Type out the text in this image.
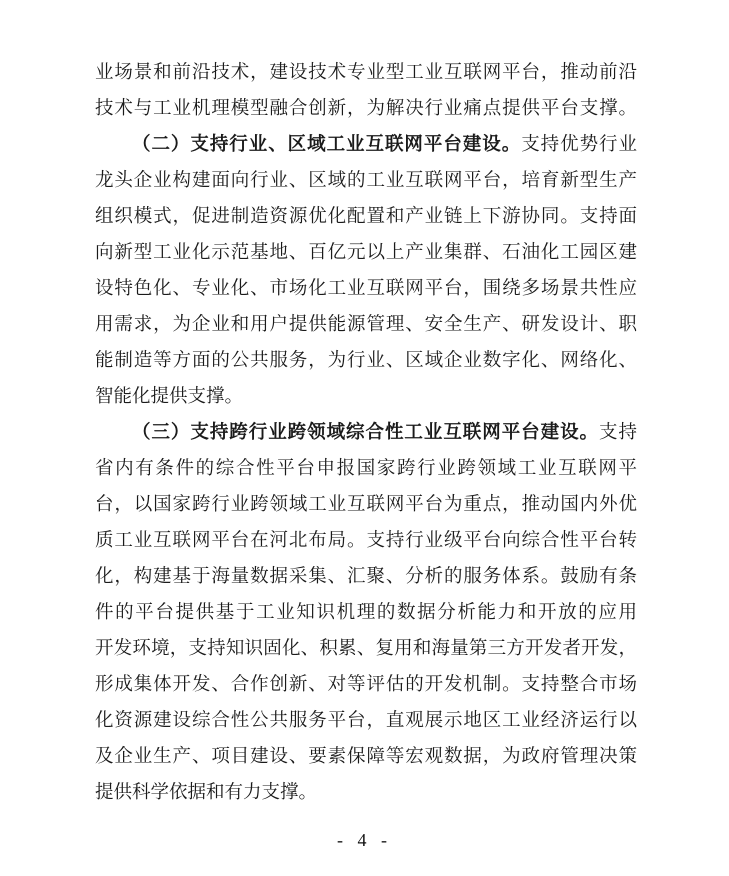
业场景和前沿技术，建设技术专业型工业互联网平台，推动前沿
技术与工业机理模型融合创新，为解决行业痛点提供平台支撑。
（二）支持行业、区域工业互联网平台建设。支持优势行业
龙头企业构建面向行业、区域的工业互联网平台，培育新型生产
组织模式，促进制造资源优化配置和产业链上下游协同。支持面
向新型工业化示范基地、百亿元以上产业集群、石油化工园区建
设特色化、专业化、市场化工业互联网平台，围绕多场景共性应
用需求，为企业和用户提供能源管理、安全生产、研发设计、职
能制造等方面的公共服务，为行业、区域企业数字化、网络化、
智能化提供支撑。
（三）支持跨行业跨领域综合性工业互联网平台建设。支持
省内有条件的综合性平台申报国家跨行业跨领域工业互联网平
台，以国家跨行业跨领域工业互联网平台为重点，推动国内外优
质工业互联网平台在河北布局。支持行业级平台向综合性平台转
化，构建基于海量数据采集、汇聚、分析的服务体系。鼓励有条
件的平台提供基于工业知识机理的数据分析能力和开放的应用
开发环境，支持知识固化、积累、复用和海量第三方开发者开发，
形成集体开发、合作创新、对等评估的开发机制。支持整合市场
化资源建设综合性公共服务平台，直观展示地区工业经济运行以
及企业生产、项目建设、要素保障等宏观数据，为政府管理决策
提供科学依据和有力支撑。
- 4 -
